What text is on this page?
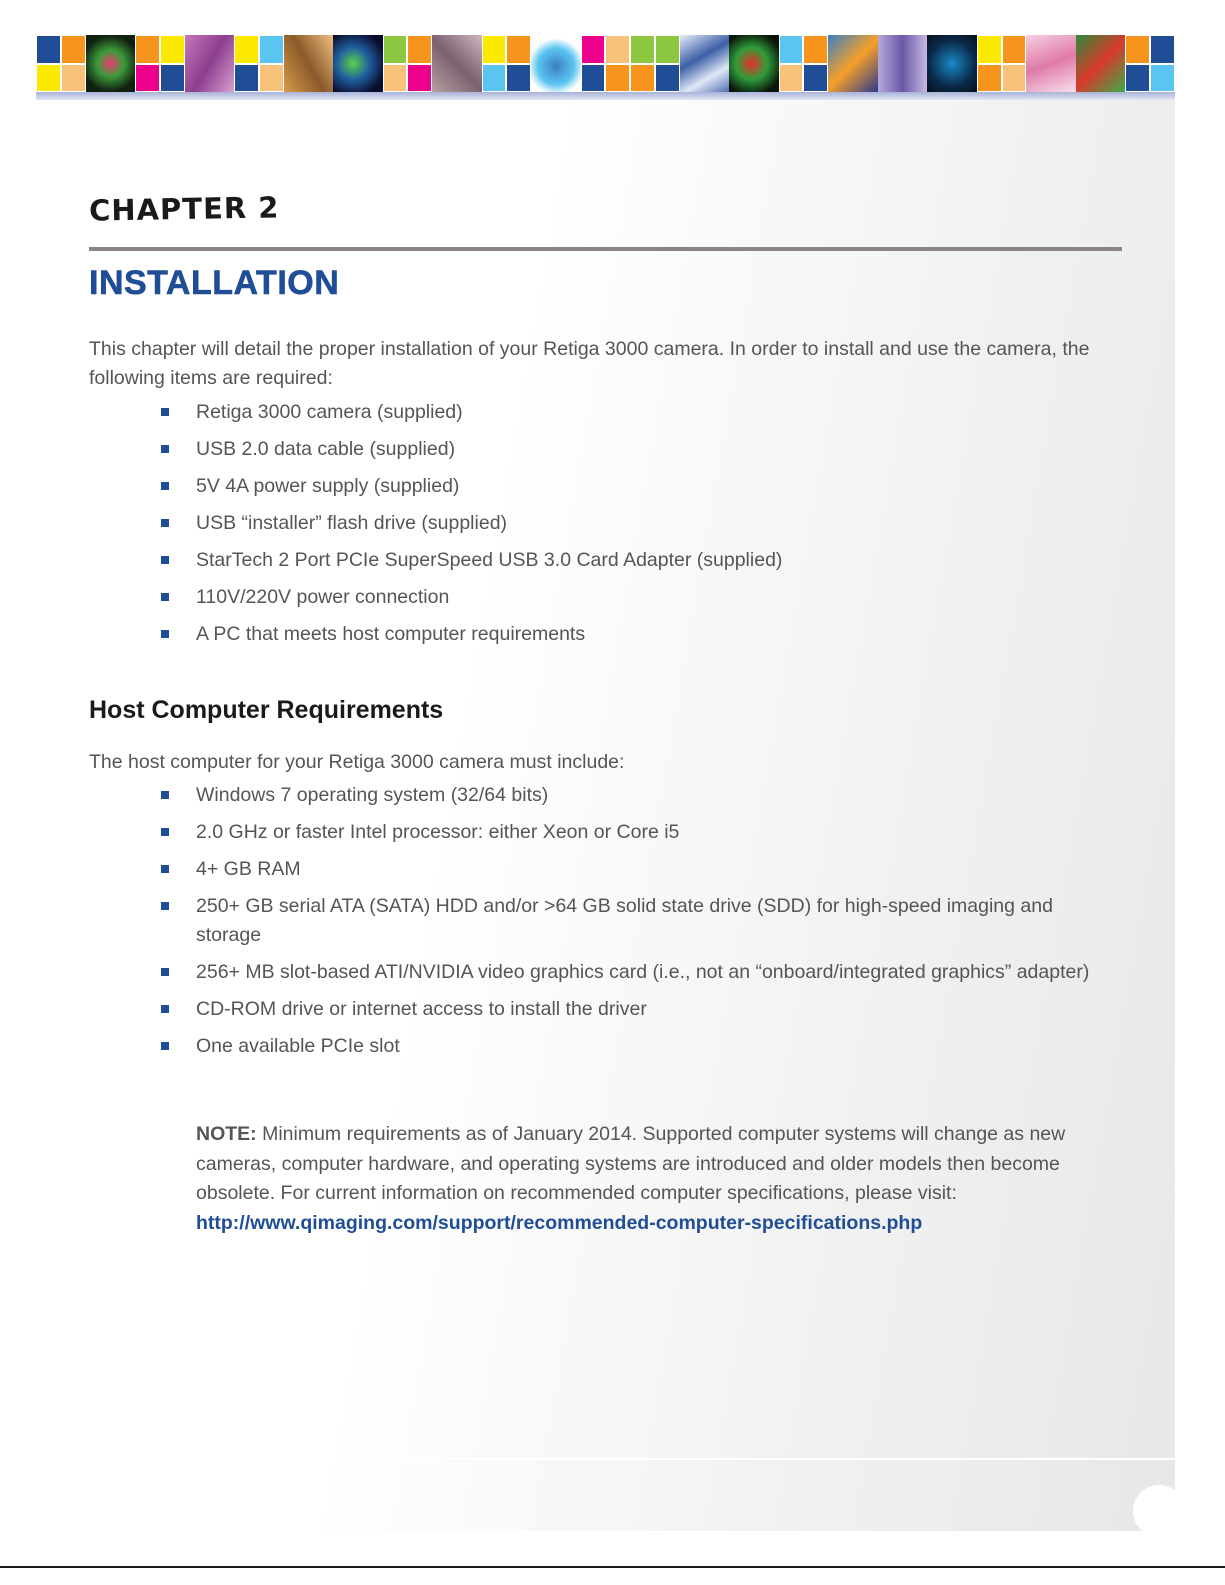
CHAPTER 2
INSTALLATION
This chapter will detail the proper installation of your Retiga 3000 camera. In order to install and use the camera, the following items are required:
Retiga 3000 camera (supplied)
USB 2.0 data cable (supplied)
5V 4A power supply (supplied)
USB “installer” flash drive (supplied)
StarTech 2 Port PCIe SuperSpeed USB 3.0 Card Adapter (supplied)
110V/220V power connection
A PC that meets host computer requirements
Host Computer Requirements
The host computer for your Retiga 3000 camera must include:
Windows 7 operating system (32/64 bits)
2.0 GHz or faster Intel processor: either Xeon or Core i5
4+ GB RAM
250+ GB serial ATA (SATA) HDD and/or >64 GB solid state drive (SDD) for high-speed imaging and storage
256+ MB slot-based ATI/NVIDIA video graphics card (i.e., not an “onboard/integrated graphics” adapter)
CD-ROM drive or internet access to install the driver
One available PCIe slot
NOTE: Minimum requirements as of January 2014. Supported computer systems will change as new cameras, computer hardware, and operating systems are introduced and older models then become obsolete. For current information on recommended computer specifications, please visit:
http://www.qimaging.com/support/recommended-computer-specifications.php
